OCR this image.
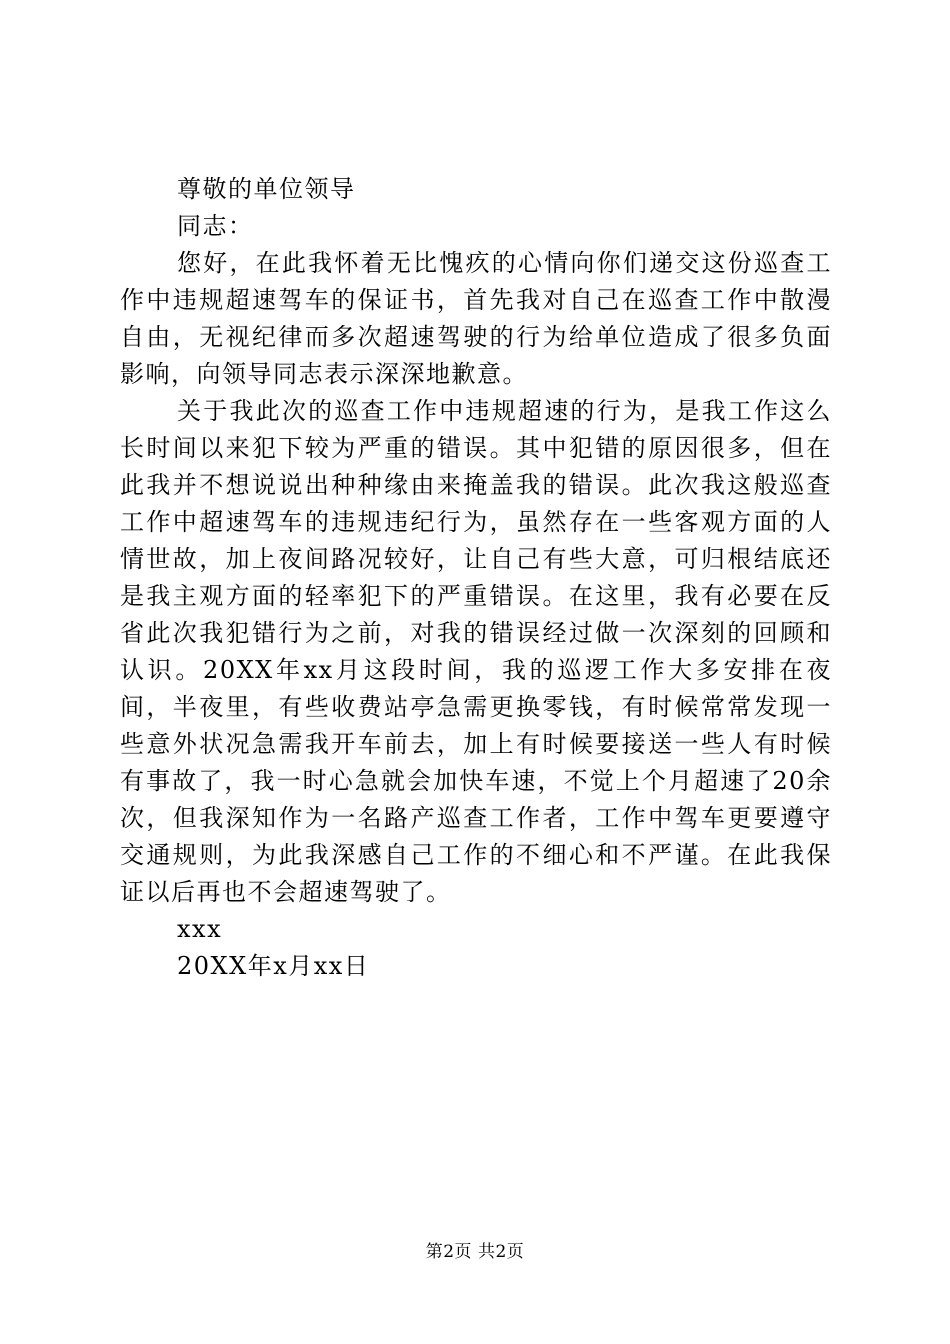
尊敬的单位领导

同志：

您好，在此我怀着无比愧疚的心情向你们递交这份巡查工作中违规超速驾车的保证书，首先我对自己在巡查工作中散漫自由，无视纪律而多次超速驾驶的行为给单位造成了很多负面影响，向领导同志表示深深地歉意。

关于我此次的巡查工作中违规超速的行为，是我工作这么长时间以来犯下较为严重的错误。其中犯错的原因很多，但在此我并不想说说出种种缘由来掩盖我的错误。此次我这般巡查工作中超速驾车的违规违纪行为，虽然存在一些客观方面的人情世故，加上夜间路况较好，让自己有些大意，可归根结底还是我主观方面的轻率犯下的严重错误。在这里，我有必要在反省此次我犯错行为之前，对我的错误经过做一次深刻的回顾和认识。20XX年xx月这段时间，我的巡逻工作大多安排在夜间，半夜里，有些收费站亭急需更换零钱，有时候常常发现一些意外状况急需我开车前去，加上有时候要接送一些人有时候有事故了，我一时心急就会加快车速，不觉上个月超速了20余次，但我深知作为一名路产巡查工作者，工作中驾车更要遵守交通规则，为此我深感自己工作的不细心和不严谨。在此我保证以后再也不会超速驾驶了。

xxx

20XX年x月xx日

第2页 共2页
